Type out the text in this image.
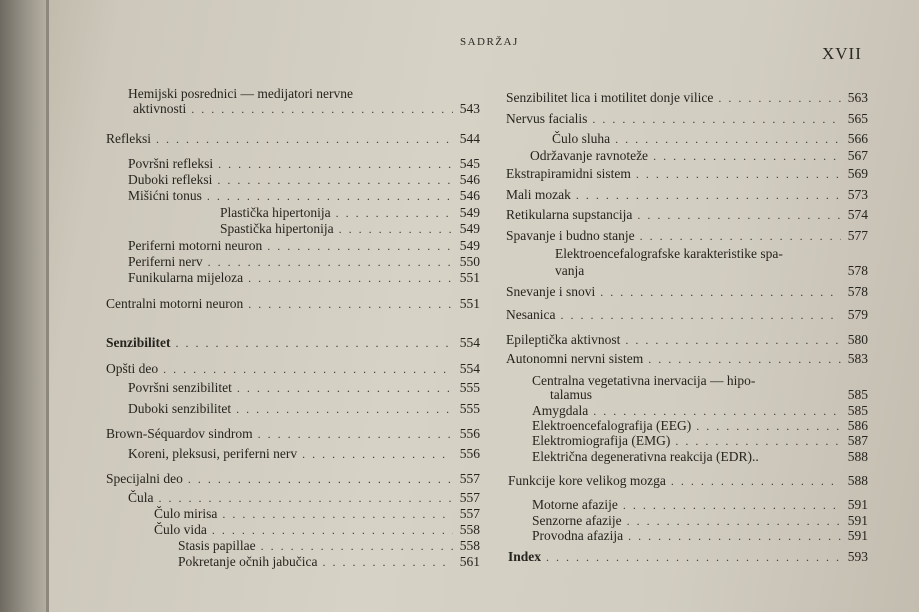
SADRŽAJ
XVII
Hemijski posrednici — medijatori nervne
aktivnosti . . .	543
Refleksi . . .	544
Površni refleksi . . .	545
Duboki refleksi . . .	546
Mišićni tonus . . .	546
Plastička hipertonija . . .	549
Spastička hipertonija . . .	549
Periferni motorni neuron . . .	549
Periferni nerv . . .	550
Funikularna mijeloza . . .	551
Centralni motorni neuron . . .	551
Senzibilitet . . .	554
Opšti deo . . .	554
Površni senzibilitet . . .	555
Duboki senzibilitet . . .	555
Brown-Séquardov sindrom . . .	556
Koreni, pleksusi, periferni nerv . . .	556
Specijalni deo . . .	557
Čula . . .	557
Čulo mirisa . . .	557
Čulo vida . . .	558
Stasis papillae . . .	558
Pokretanje očnih jabučica . . .	561
Senzibilitet lica i motilitet donje vilice . . .	563
Nervus facialis . . .	565
Čulo sluha . . .	566
Održavanje ravnoteže . . .	567
Ekstrapiramidni sistem . . .	569
Mali mozak . . .	573
Retikularna supstancija . . .	574
Spavanje i budno stanje . . .	577
Elektroencefalografske karakteristike spa-
vanja	578
Snevanje i snovi . . .	578
Nesanica . . .	579
Epileptička aktivnost . . .	580
Autonomni nervni sistem . . .	583
Centralna vegetativna inervacija — hipo-
talamus	585
Amygdala . . .	585
Elektroencefalografija (EEG) . . .	586
Elektromiografija (EMG) . . .	587
Električna degenerativna reakcija (EDR)..	588
Funkcije kore velikog mozga . . .	588
Motorne afazije . . .	591
Senzorne afazije . . .	591
Provodna afazija . . .	591
Index . . .	593
